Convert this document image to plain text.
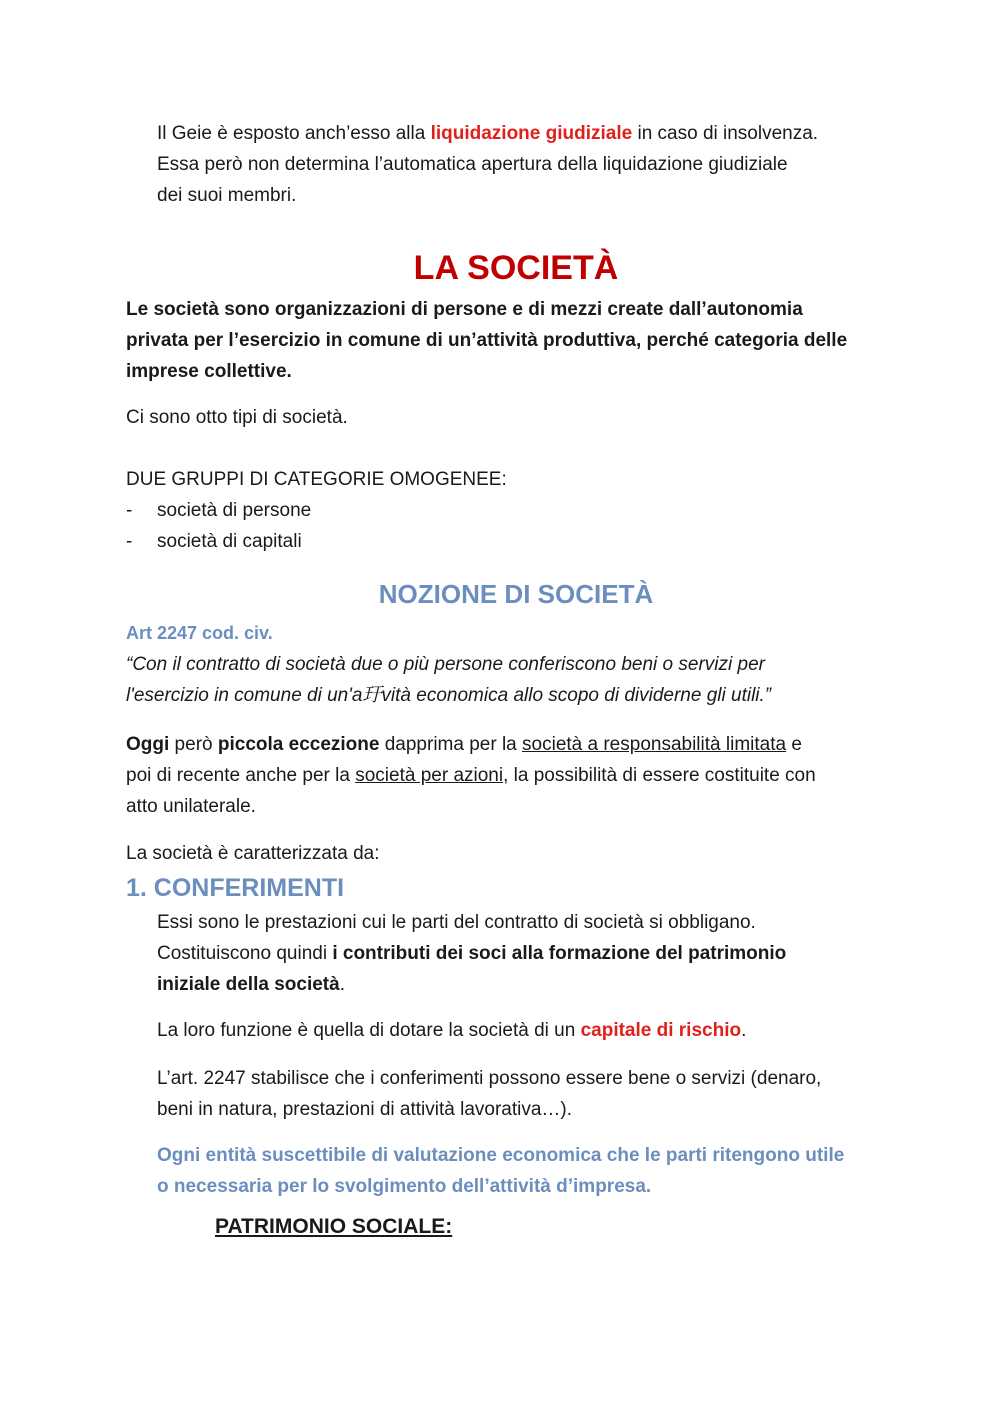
Il Geie è esposto anch’esso alla liquidazione giudiziale in caso di insolvenza.

Essa però non determina l’automatica apertura della liquidazione giudiziale

dei suoi membri.

LA SOCIETÀ

Le società sono organizzazioni di persone e di mezzi create dall’autonomia

privata per l’esercizio in comune di un’attività produttiva, perché categoria delle

imprese collettive.

Ci sono otto tipi di società.

DUE GRUPPI DI CATEGORIE OMOGENEE:

- società di persone

- società di capitali

NOZIONE DI SOCIETÀ

Art 2247 cod. civ.

“Con il contratto di società due o più persone conferiscono beni o servizi per

l'esercizio in comune di un'a玗vità economica allo scopo di dividerne gli utili.”

Oggi però piccola eccezione dapprima per la società a responsabilità limitata e

poi di recente anche per la società per azioni, la possibilità di essere costituite con

atto unilaterale.

La società è caratterizzata da:

1. CONFERIMENTI

Essi sono le prestazioni cui le parti del contratto di società si obbligano.

Costituiscono quindi i contributi dei soci alla formazione del patrimonio

iniziale della società.

La loro funzione è quella di dotare la società di un capitale di rischio.

L’art. 2247 stabilisce che i conferimenti possono essere bene o servizi (denaro,

beni in natura, prestazioni di attività lavorativa…).

Ogni entità suscettibile di valutazione economica che le parti ritengono utile

o necessaria per lo svolgimento dell’attività d’impresa.

PATRIMONIO SOCIALE:
